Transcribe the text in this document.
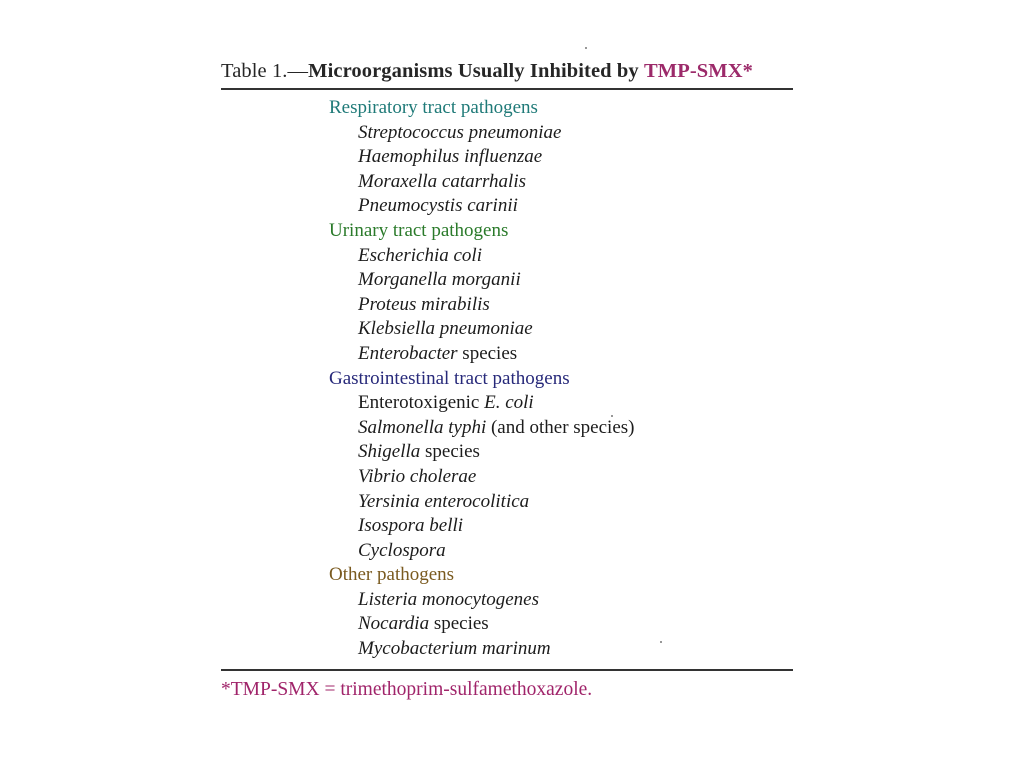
Table 1.—Microorganisms Usually Inhibited by TMP-SMX*
Respiratory tract pathogens
Streptococcus pneumoniae
Haemophilus influenzae
Moraxella catarrhalis
Pneumocystis carinii
Urinary tract pathogens
Escherichia coli
Morganella morganii
Proteus mirabilis
Klebsiella pneumoniae
Enterobacter species
Gastrointestinal tract pathogens
Enterotoxigenic E. coli
Salmonella typhi (and other species)
Shigella species
Vibrio cholerae
Yersinia enterocolitica
Isospora belli
Cyclospora
Other pathogens
Listeria monocytogenes
Nocardia species
Mycobacterium marinum
*TMP-SMX = trimethoprim-sulfamethoxazole.
